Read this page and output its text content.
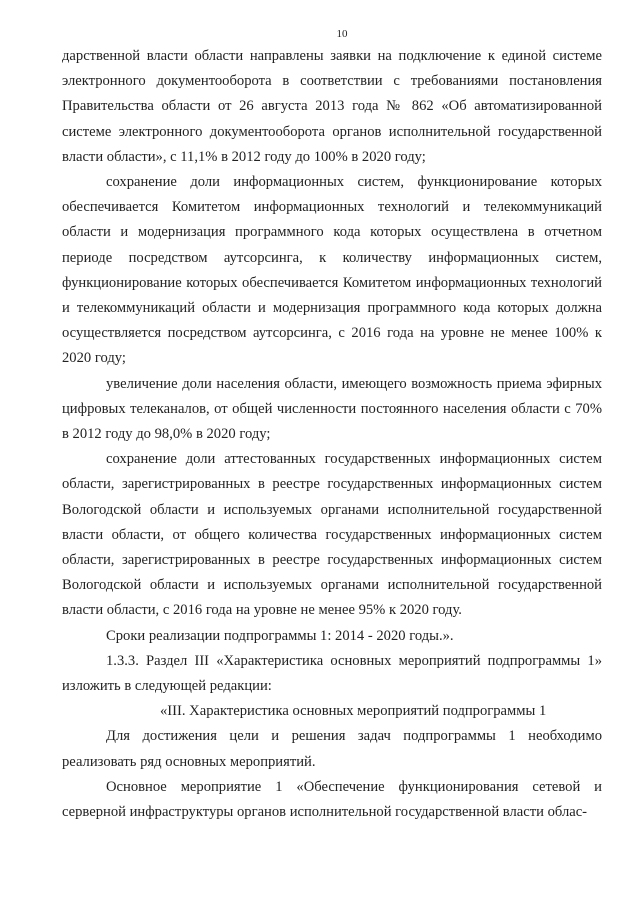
10

дарственной власти области направлены заявки на подключение к единой системе электронного документооборота в соответствии с требованиями постановления Правительства области от 26 августа 2013 года № 862 «Об автоматизированной системе электронного документооборота органов исполнительной государственной власти области», с 11,1% в 2012 году до 100% в 2020 году;

сохранение доли информационных систем, функционирование которых обеспечивается Комитетом информационных технологий и телекоммуникаций области и модернизация программного кода которых осуществлена в отчетном периоде посредством аутсорсинга, к количеству информационных систем, функционирование которых обеспечивается Комитетом информационных технологий и телекоммуникаций области и модернизация программного кода которых должна осуществляется посредством аутсорсинга, с 2016 года на уровне не менее 100% к 2020 году;

увеличение доли населения области, имеющего возможность приема эфирных цифровых телеканалов, от общей численности постоянного населения области с 70% в 2012 году до 98,0% в 2020 году;

сохранение доли аттестованных государственных информационных систем области, зарегистрированных в реестре государственных информационных систем Вологодской области и используемых органами исполнительной государственной власти области, от общего количества государственных информационных систем области, зарегистрированных в реестре государственных информационных систем Вологодской области и используемых органами исполнительной государственной власти области, с 2016 года на уровне не менее 95% к 2020 году.

Сроки реализации подпрограммы 1: 2014 - 2020 годы.».

1.3.3. Раздел III «Характеристика основных мероприятий подпрограммы 1» изложить в следующей редакции:

«III. Характеристика основных мероприятий подпрограммы 1

Для достижения цели и решения задач подпрограммы 1 необходимо реализовать ряд основных мероприятий.

Основное мероприятие 1 «Обеспечение функционирования сетевой и серверной инфраструктуры органов исполнительной государственной власти облас-
